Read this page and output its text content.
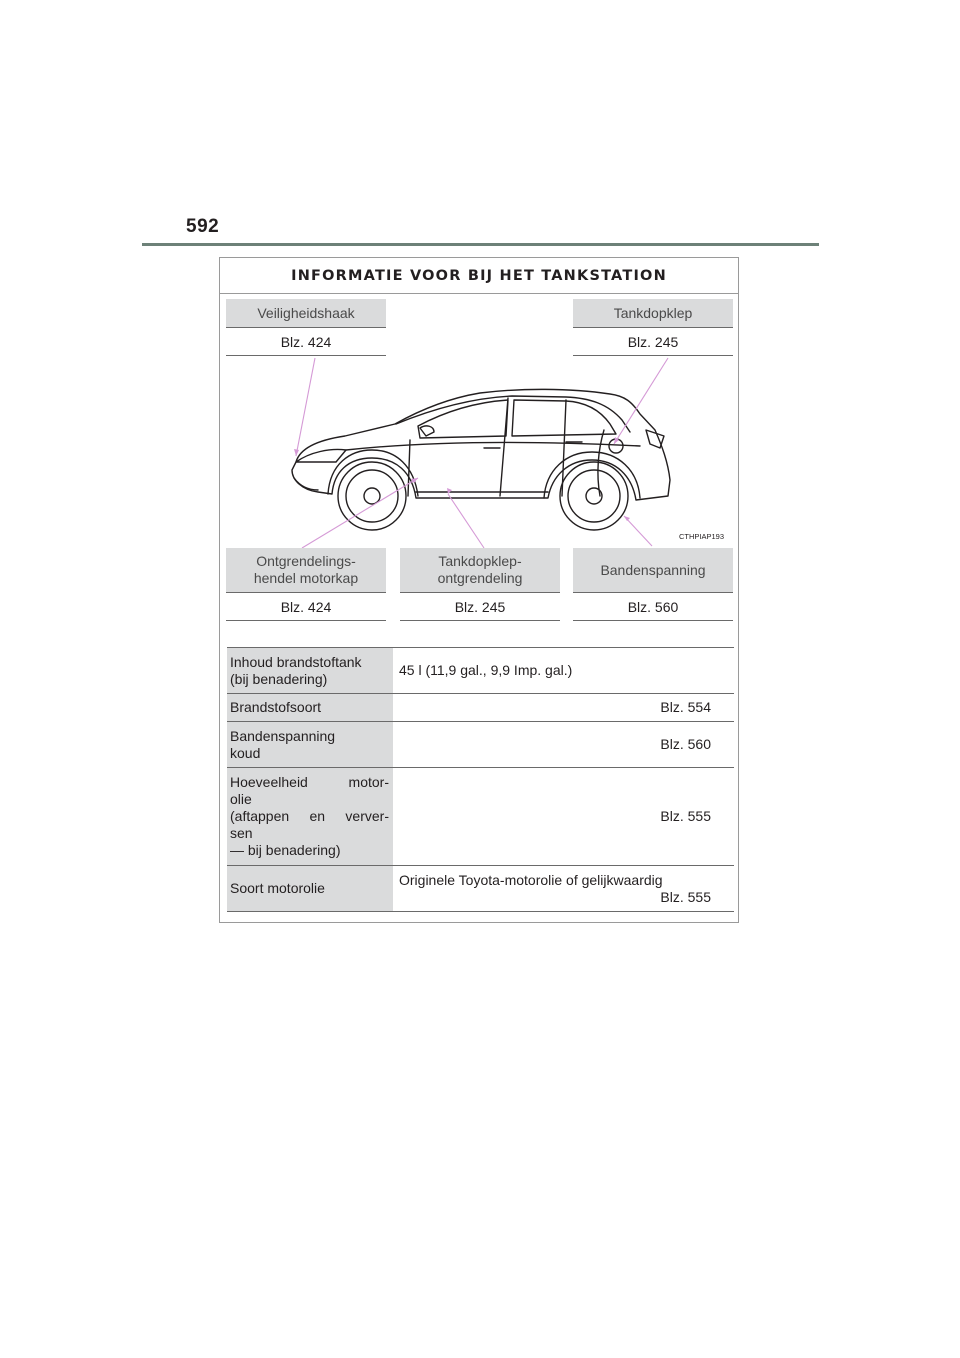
592
INFORMATIE VOOR BIJ HET TANKSTATION
Veiligheidshaak
Blz. 424
Tankdopklep
Blz. 245
CTHPIAP193
Ontgrendelings-
hendel motorkap
Blz. 424
Tankdopklep-
ontgrendeling
Blz. 245
Bandenspanning
Blz. 560
Inhoud brandstoftank
(bij benadering)	45 l (11,9 gal., 9,9 Imp. gal.)

Brandstofsoort	Blz. 554

Bandenspanning
koud	Blz. 560

Hoeveelheid motor-
olie
(aftappen en verver-
sen
— bij benadering)	Blz. 555

Soort motorolie	Originele Toyota-motorolie of gelijkwaardig
Blz. 555
